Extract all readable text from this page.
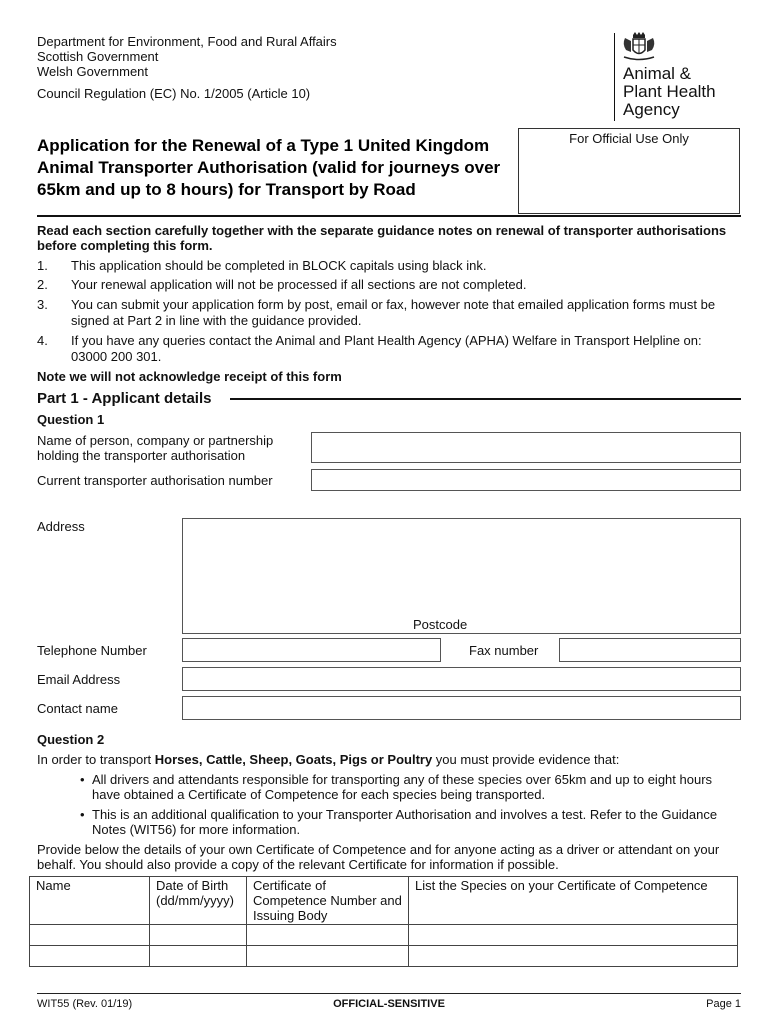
Department for Environment, Food and Rural Affairs
Scottish Government
Welsh Government
Council Regulation (EC) No. 1/2005 (Article 10)
Animal &
Plant Health
Agency
Application for the Renewal of a Type 1 United Kingdom Animal Transporter Authorisation (valid for journeys over 65km and up to 8 hours) for Transport by Road
For Official Use Only
Read each section carefully together with the separate guidance notes on renewal of transporter authorisations before completing this form.
1. This application should be completed in BLOCK capitals using black ink.
2. Your renewal application will not be processed if all sections are not completed.
3. You can submit your application form by post, email or fax, however note that emailed application forms must be signed at Part 2 in line with the guidance provided.
4. If you have any queries contact the Animal and Plant Health Agency (APHA) Welfare in Transport Helpline on: 03000 200 301.
Note we will not acknowledge receipt of this form
Part 1 - Applicant details
Question 1
Name of person, company or partnership holding the transporter authorisation
Current transporter authorisation number
Address
Postcode
Telephone Number	Fax number
Email Address
Contact name
Question 2
In order to transport Horses, Cattle, Sheep, Goats, Pigs or Poultry you must provide evidence that:
• All drivers and attendants responsible for transporting any of these species over 65km and up to eight hours have obtained a Certificate of Competence for each species being transported.
• This is an additional qualification to your Transporter Authorisation and involves a test. Refer to the Guidance Notes (WIT56) for more information.
Provide below the details of your own Certificate of Competence and for anyone acting as a driver or attendant on your behalf. You should also provide a copy of the relevant Certificate for information if possible.
Name	Date of Birth (dd/mm/yyyy)	Certificate of Competence Number and Issuing Body	List the Species on your Certificate of Competence

WIT55 (Rev. 01/19)	OFFICIAL-SENSITIVE	Page 1
